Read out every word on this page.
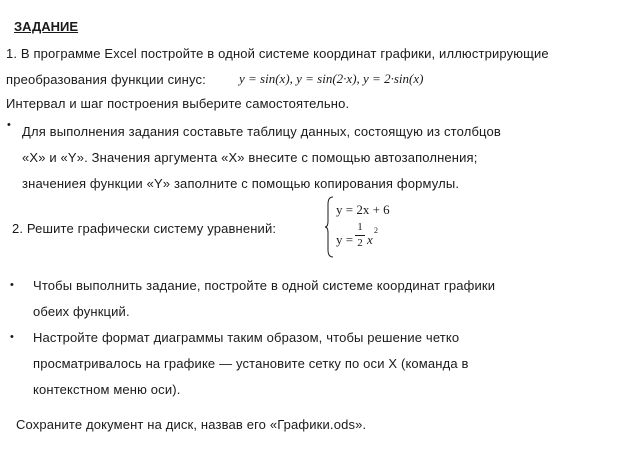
ЗАДАНИЕ
1. В программе Excel постройте в одной системе координат графики, иллюстрирующие
преобразования функции синус:	y = sin(x), y = sin(2·x), y = 2·sin(x)
Интервал и шаг построения выберите самостоятельно.
• Для выполнения задания составьте таблицу данных, состоящую из столбцов
«X» и «Y». Значения аргумента «X» внесите с помощью автозаполнения;
значениея функции «Y» заполните с помощью копирования формулы.
2. Решите графически систему уравнений:
y = 2x + 6
y =
1
2 x
2
• Чтобы выполнить задание, постройте в одной системе координат графики
обеих функций.
• Настройте формат диаграммы таким образом, чтобы решение четко
просматривалось на графике — установите сетку по оси X (команда в
контекстном меню оси).
Сохраните документ на диск, назвав его «Графики.ods».
